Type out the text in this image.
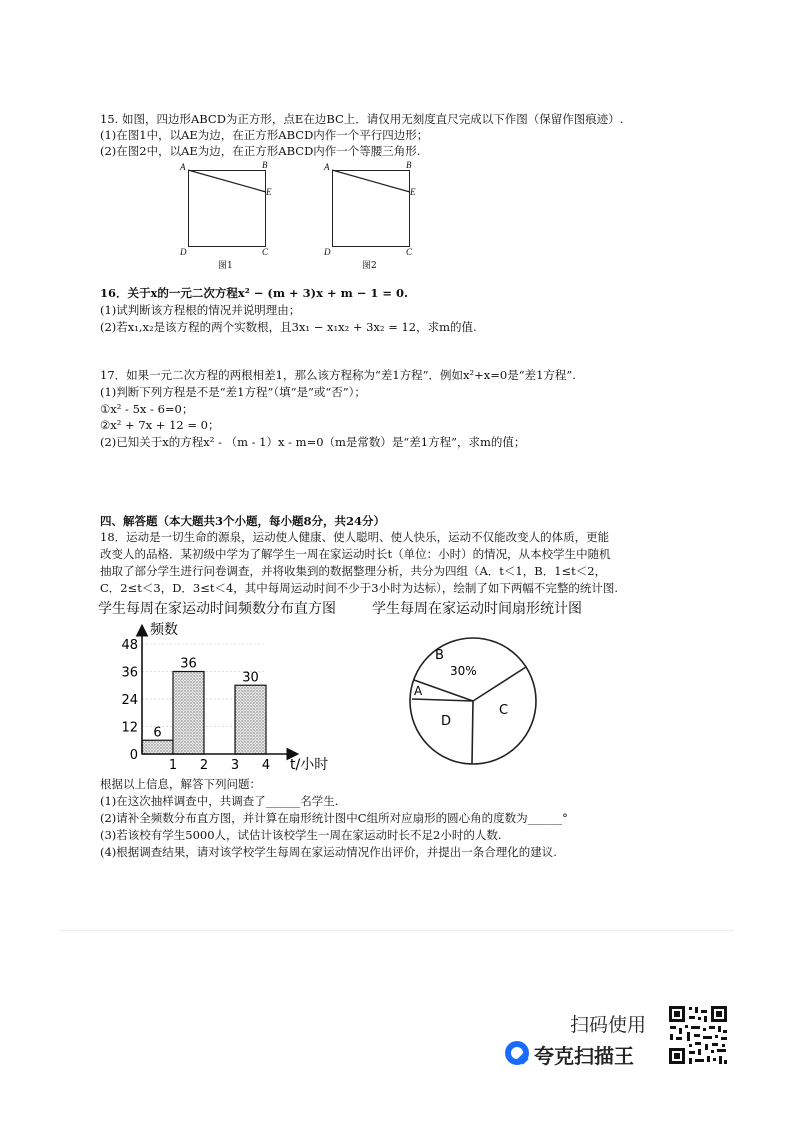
15. 如图，四边形ABCD为正方形，点E在边BC上．请仅用无刻度直尺完成以下作图（保留作图痕迹）.
(1)在图1中，以AE为边，在正方形ABCD内作一个平行四边形；
(2)在图2中，以AE为边，在正方形ABCD内作一个等腰三角形.
A	B
E
D	C
图1
A	B
E
D	C
图2
16．关于x的一元二次方程x² − (m + 3)x + m − 1 = 0.
(1)试判断该方程根的情况并说明理由；
(2)若x₁,x₂是该方程的两个实数根，且3x₁ − x₁x₂ + 3x₂ = 12，求m的值.
17．如果一元二次方程的两根相差1，那么该方程称为“差1方程”．例如x²+x=0是“差1方程”.
(1)判断下列方程是不是“差1方程”（填“是”或“否”）；
①x² - 5x - 6=0；
②x² + 7x + 12 = 0；
(2)已知关于x的方程x² - （m - 1）x - m=0（m是常数）是“差1方程”，求m的值；
四、解答题（本大题共3个小题，每小题8分，共24分）
18．运动是一切生命的源泉，运动使人健康、使人聪明、使人快乐，运动不仅能改变人的体质，更能
改变人的品格．某初级中学为了解学生一周在家运动时长t（单位：小时）的情况，从本校学生中随机
抽取了部分学生进行问卷调查，并将收集到的数据整理分析，共分为四组（A．t＜1，B．1≤t＜2，
C．2≤t＜3，D．3≤t＜4，其中每周运动时间不少于3小时为达标），绘制了如下两幅不完整的统计图.
学生每周在家运动时间频数分布直方图	学生每周在家运动时间扇形统计图
频数
t/小时
0
12
24
36
48
1 2 3 4
6
36
30
B
30%
A
D
C
根据以上信息，解答下列问题：
(1)在这次抽样调查中，共调查了______名学生.
(2)请补全频数分布直方图，并计算在扇形统计图中C组所对应扇形的圆心角的度数为______°
(3)若该校有学生5000人，试估计该校学生一周在家运动时长不足2小时的人数.
(4)根据调查结果，请对该学校学生每周在家运动情况作出评价，并提出一条合理化的建议.
扫码使用
夸克扫描王
